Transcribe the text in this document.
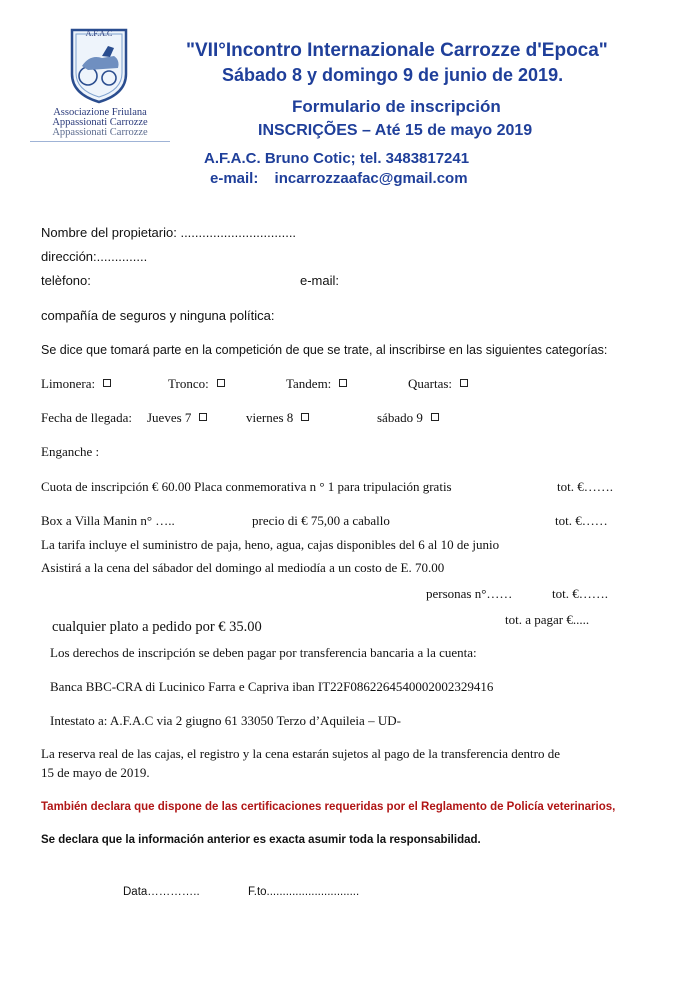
A.F.A.C
Associazione Friulana
Appassionati Carrozze
Appassionati Carrozze
"VII°Incontro Internazionale Carrozze d'Epoca"
Sábado 8 y domingo 9 de junio de 2019.
Formulario de inscripción
INSCRIÇÕES – Até 15 de mayo 2019
A.F.A.C. Bruno Cotic; tel. 3483817241
e-mail: incarrozzaafac@gmail.com
Nombre del propietario: ................................
dirección:..............
telèfono:	e-mail:
compañía de seguros y ninguna política:
Se dice que tomará parte en la competición de que se trate, al inscribirse en las siguientes categorías:
Limonera:	Tronco:	Tandem:	Quartas:
Fecha de llegada: Jueves 7	viernes 8	sábado 9
Enganche :
Cuota de inscripción € 60.00 Placa conmemorativa n ° 1 para tripulación gratis	tot. €…….
Box a Villa Manin n° …..	precio di € 75,00 a caballo	tot. €……
La tarifa incluye el suministro de paja, heno, agua, cajas disponibles del 6 al 10 de junio
Asistirá a la cena del sábador del domingo al mediodía a un costo de E. 70.00
personas n°……	tot. €…….
tot. a pagar €.....
cualquier plato a pedido por € 35.00
Los derechos de inscripción se deben pagar por transferencia bancaria a la cuenta:
Banca BBC-CRA di Lucinico Farra e Capriva iban IT22F0862264540002002329416
Intestato a: A.F.A.C via 2 giugno 61 33050 Terzo d’Aquileia – UD-
La reserva real de las cajas, el registro y la cena estarán sujetos al pago de la transferencia dentro de
15 de mayo de 2019.
También declara que dispone de las certificaciones requeridas por el Reglamento de Policía veterinarios,
Se declara que la información anterior es exacta asumir toda la responsabilidad.
Data…………..	F.to.............................
